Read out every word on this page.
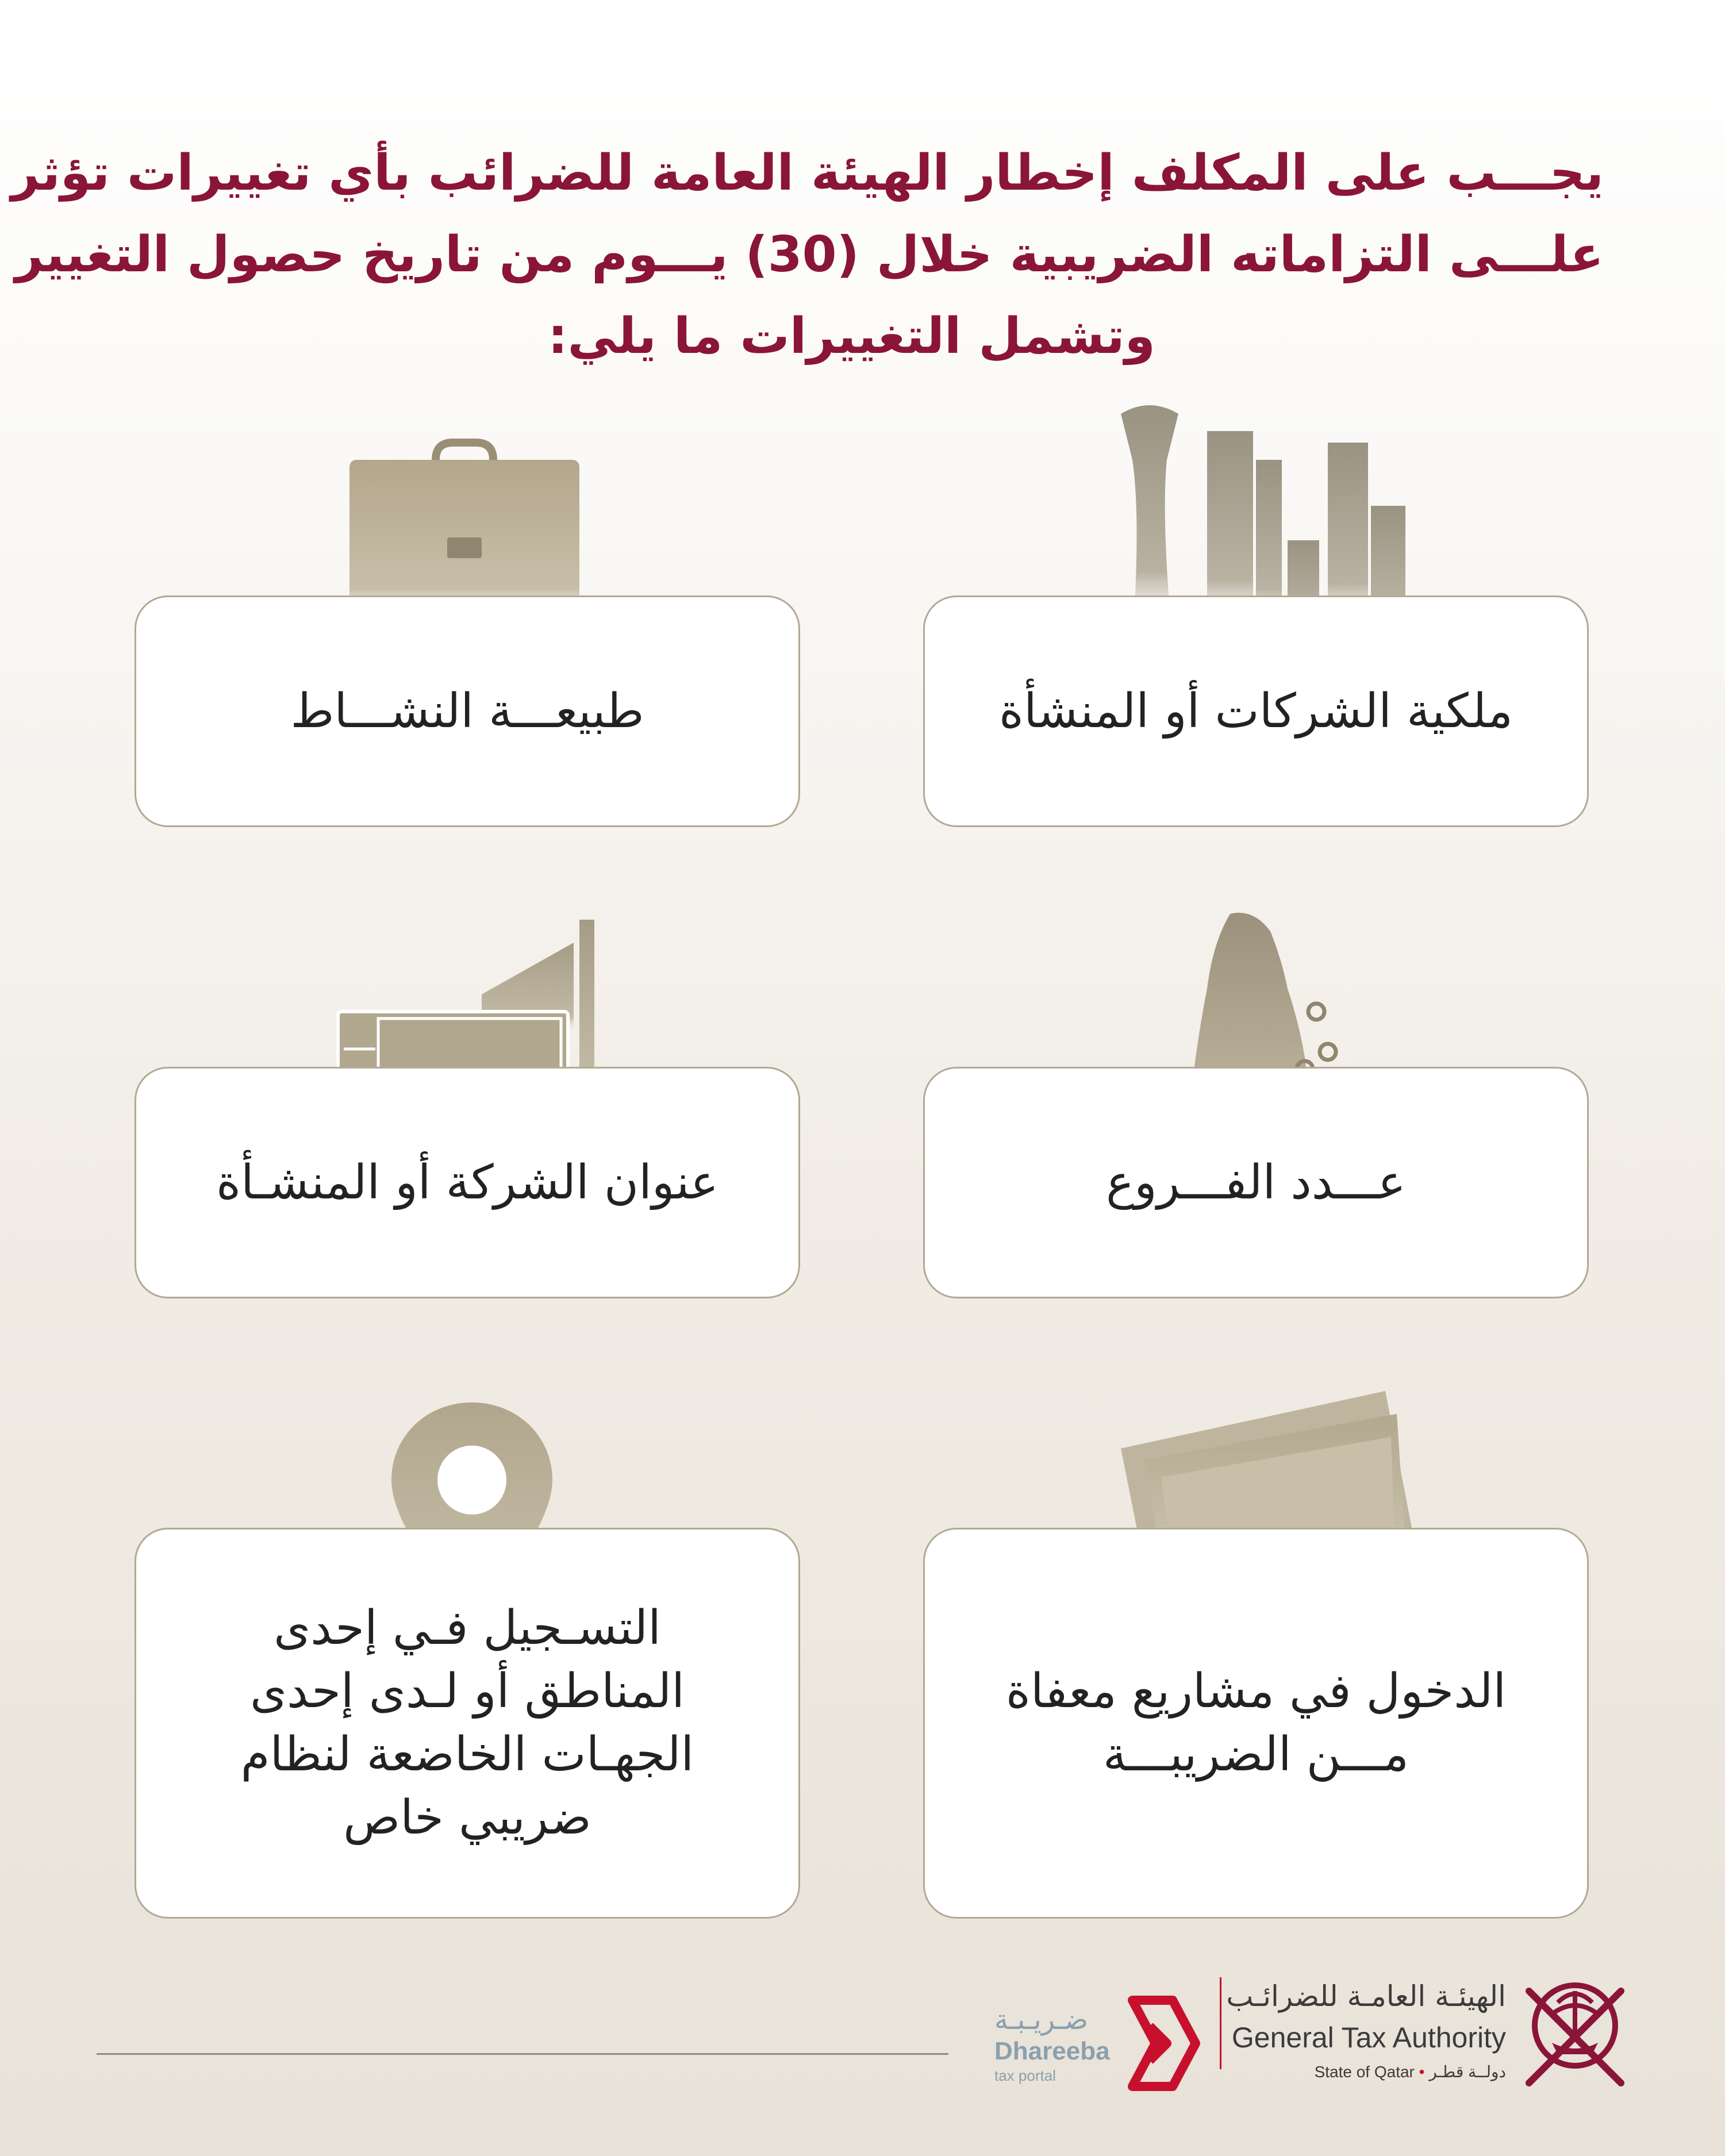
يجـــب على المكلف إخطار الهيئة العامة للضرائب بأي تغييرات تؤثر
علـــى التزاماته الضريبية خلال (30) يـــوم من تاريخ حصول التغيير
وتشمل التغييرات ما يلي:
ملكية الشركات أو المنشأة
طبيعـــة النشـــاط
عـــدد الفـــروع
عنوان الشركة أو المنشـأة
الدخول في مشاريع معفاة
مـــن الضريبـــة
التسـجيل فـي إحدى
المناطق أو لـدى إحدى
الجهـات الخاضعة لنظام
ضريبي خاص
ضـريـبـة
Dhareeba
tax portal
الهيئـة العامـة للضرائـب
General Tax Authority
State of Qatar • دولــة قطـر
